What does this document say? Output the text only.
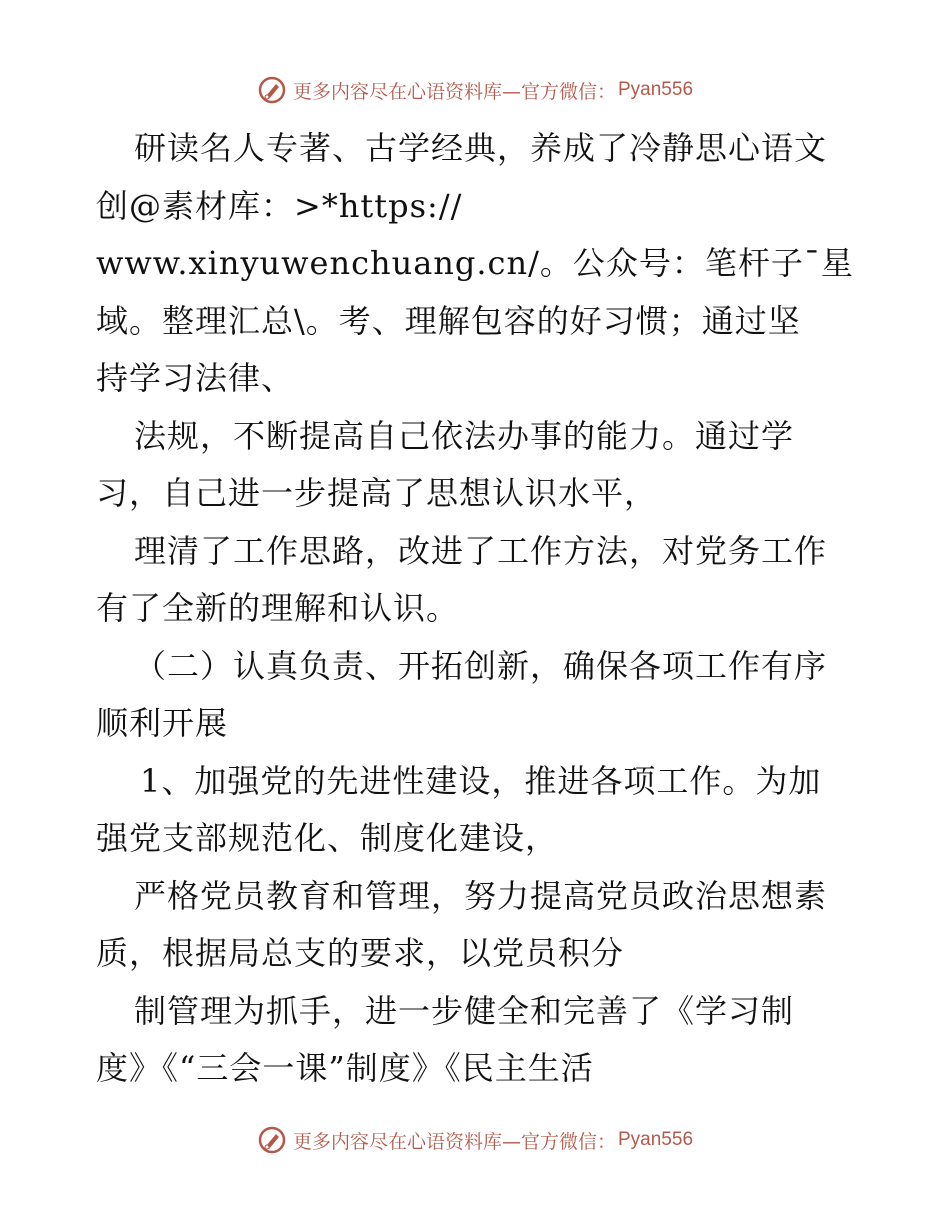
更多内容尽在心语资料库—官方微信： Pyan556
研读名人专著、古学经典，养成了冷静思心语文
创@素材库：>*https://
www.xinyuwenchuang.cn/。公众号：笔杆子¯星
域。整理汇总\。考、理解包容的好习惯；通过坚
持学习法律、
法规，不断提高自己依法办事的能力。通过学
习，自己进一步提高了思想认识水平，
理清了工作思路，改进了工作方法，对党务工作
有了全新的理解和认识。
（二）认真负责、开拓创新，确保各项工作有序
顺利开展
1、加强党的先进性建设，推进各项工作。为加
强党支部规范化、制度化建设，
严格党员教育和管理，努力提高党员政治思想素
质，根据局总支的要求，以党员积分
制管理为抓手，进一步健全和完善了《学习制
度》《“三会一课”制度》《民主生活
更多内容尽在心语资料库—官方微信： Pyan556
